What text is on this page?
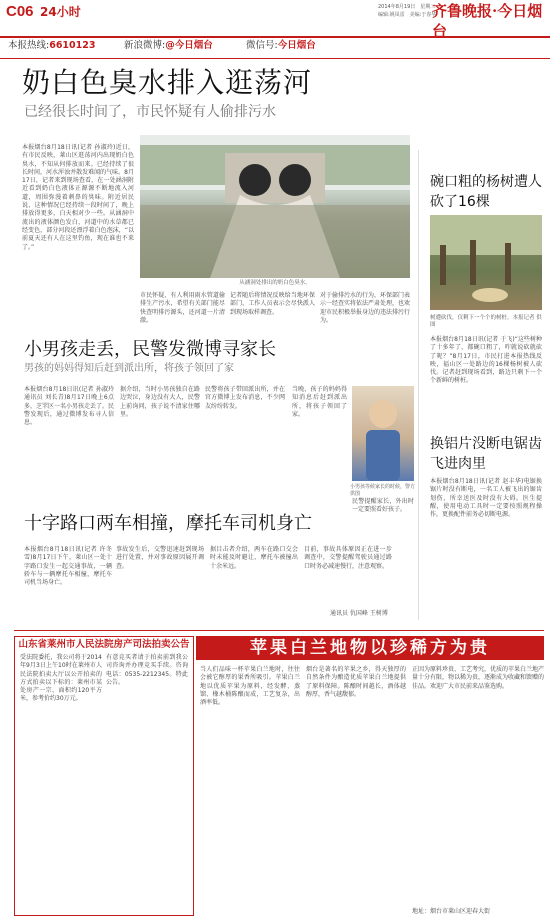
C06 24小时	2014年8月19日　星期二
编辑:姚凤雷　美编:于春华
齐鲁晚报·今日烟台
本报热线:6610123	新浪微博:@今日烟台	微信号:今日烟台
奶白色臭水排入逛荡河
已经很长时间了，市民怀疑有人偷排污水
从涵洞处排出的奶白色臭水。
本报烟台8月18日讯(记者 孙淑玲)近日，有市民反映，莱山区逛荡河内出现奶白色臭水，不知从何排放而来。已经持续了很长时间，河水浑浊并散发难闻的气味。8月17日，记者来到现场查看，在一处涵洞附近看到奶白色液体正源源不断地流入河道，周围弥漫着刺鼻的臭味。附近居民说，这种情况已经持续一段时间了，晚上排放得更多，白天相对少一些。从涵洞中流出的液体颜色发白，河道中的水草都已经变色，部分河段还漂浮着白色泡沫，“以前夏天还有人在这里钓鱼，现在谁也不来了。”
市民怀疑，有人利用雨水管道偷排生产污水，希望有关部门能尽快查明排污源头，还河道一片清澈。
记者随后将情况反映给当地环保部门，工作人员表示会尽快派人到现场取样调查。
对于偷排污水的行为，环保部门表示一经查实将依法严肃处理，也欢迎市民积极举报身边的违法排污行为。
碗口粗的杨树遭人砍了16棵
树遭砍伐，仅剩下一个个的树桩。本报记者 供图
本报烟台8月18日讯(记者 于飞)“这些树种了十多年了，都碗口粗了，咋就说砍就砍了呢？”8月17日，市民打进本报热线反映，福山区一处路边的16棵杨树被人砍伐。记者赶到现场看到，路边只剩下一个个新鲜的树桩。
换铝片没断电锯齿飞进肉里
本报烟台8月18日讯(记者 赵丰华)电锯换锯片时没有断电，一名工人被飞出的锯齿划伤，所幸送医及时没有大碍。医生提醒，使用电动工具时一定要按照规程操作，更换配件前务必切断电源。
小男孩走丢，民警发微博寻家长
男孩的妈妈得知后赶到派出所，将孩子领回了家
本报烟台8月18日讯(记者 孙淑玲 通讯员 刘长青)8月17日晚上6点多，芝罘区一名小男孩走丢了。民警发现后，通过微博发布寻人信息。
据介绍，当时小男孩独自在路边哭泣，身边没有大人，民警上前询问，孩子说不清家住哪里。
民警将孩子带回派出所，并在官方微博上发布消息，不少网友纷纷转发。
当晚，孩子的妈妈得知消息后赶到派出所，将孩子领回了家。
小男孩等候家长的时候，警方供图
民警提醒家长，外出时一定要照看好孩子。
十字路口两车相撞，摩托车司机身亡
本报烟台8月18日讯(记者 许冬雪)8月17日下午，莱山区一处十字路口发生一起交通事故，一辆轿车与一辆摩托车相撞，摩托车司机当场身亡。
事故发生后，交警迅速赶到现场进行处置，并对事故原因展开调查。
据目击者介绍，两车在路口交会时未能及时避让，摩托车被撞出十余米远。
目前，事故具体原因正在进一步调查中，交警提醒驾驶员通过路口时务必减速慢行，注意观察。
通讯员 仇国峰 王树博
山东省莱州市人民法院房产司法拍卖公告
受法院委托，我公司将于2014年9月3日上午10时在莱州市人民法院拍卖大厅以公开拍卖的方式拍卖以下标的：莱州市某处房产一宗，面积约120平方米，参考价约30万元。
有意竞买者请于拍卖前到我公司咨询并办理竞买手续。咨询电话：0535-2212345。特此公告。
苹果白兰地物以珍稀方为贵
当人们品味一杯苹果白兰地时，往往会被它醇厚的果香所吸引。苹果白兰地以优质苹果为原料，经发酵、蒸馏、橡木桶陈酿而成，工艺复杂，出酒率低。
烟台是著名的苹果之乡，得天独厚的自然条件为酿造优质苹果白兰地提供了原料保障。陈酿时间越长，酒体越醇厚，香气越馥郁。
正因为原料珍贵、工艺考究，优质的苹果白兰地产量十分有限，物以稀为贵，逐渐成为收藏和馈赠的佳品。欢迎广大市民前来品鉴选购。
地址：烟台市莱山区迎春大街
